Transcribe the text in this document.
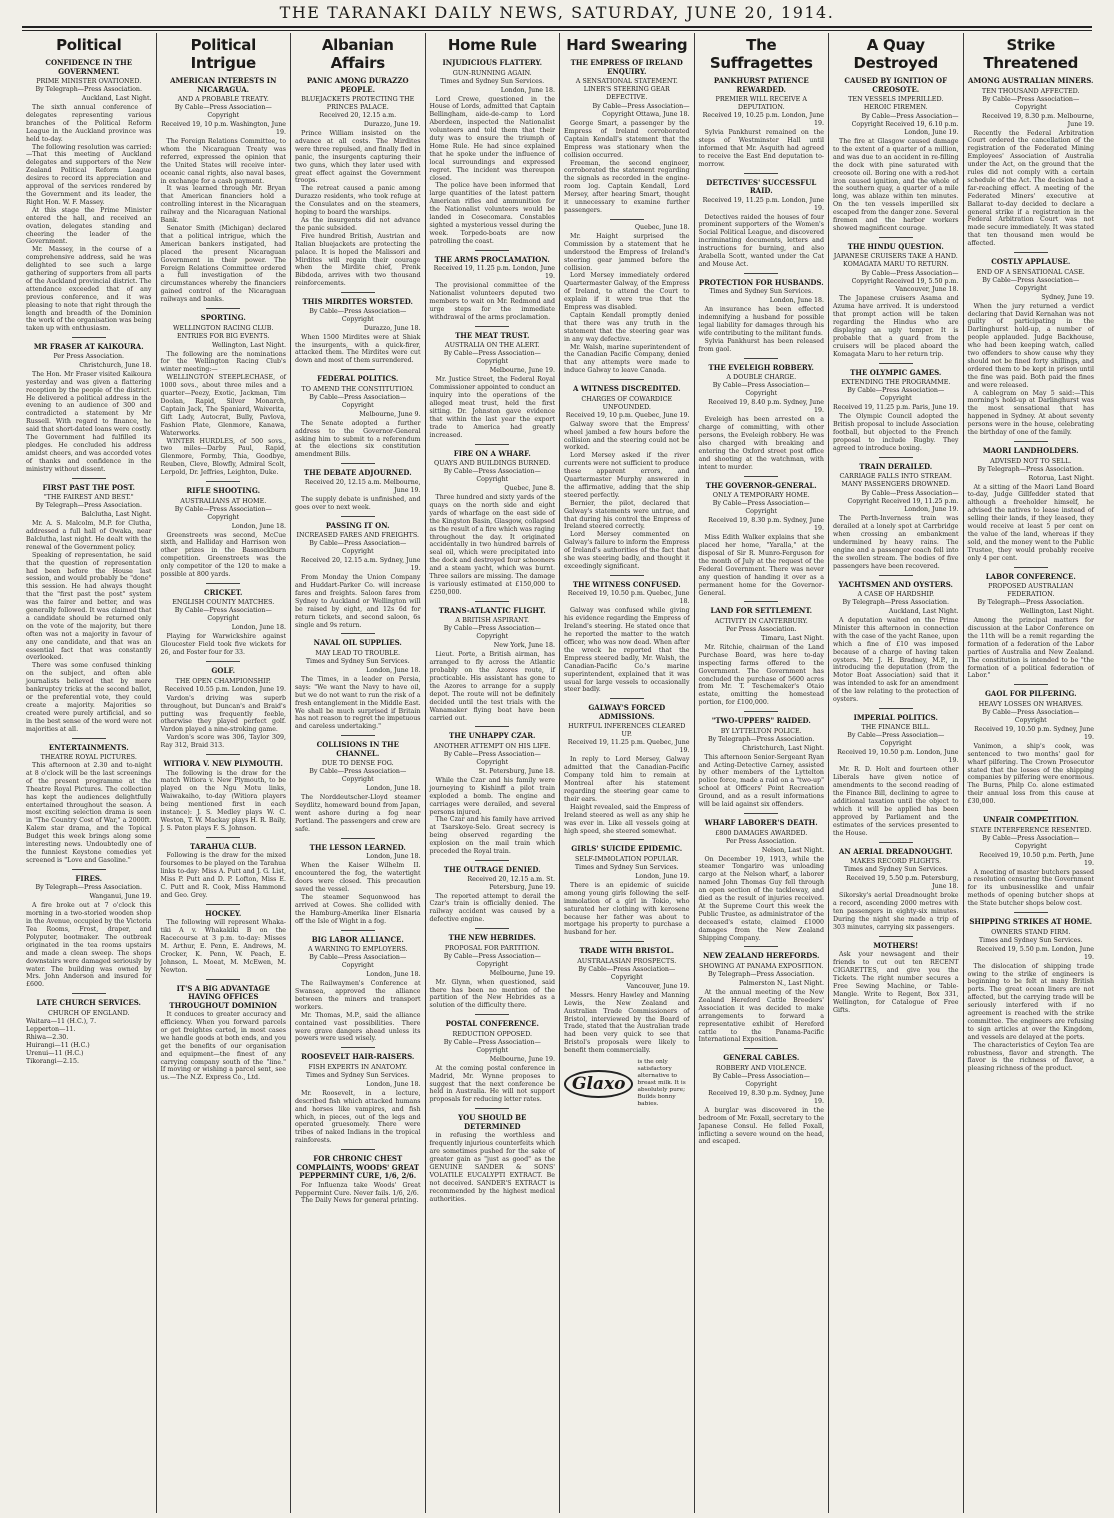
THE TARANAKI DAILY NEWS, SATURDAY, JUNE 20, 1914.
Political
CONFIDENCE IN THE GOVERNMENT.
PRIME MINISTER OVATIONED.
By Telegraph—Press Association.
Auckland, Last Night.

The sixth annual conference of delegates representing various branches of the Political Reform League in the Auckland province was held to-day.

The following resolution was carried:—That this meeting of Auckland delegates and supporters of the New Zealand Political Reform League desires to record its appreciation and approval of the services rendered by the Government and its leader, the Right Hon. W. F. Massey.

At this stage the Prime Minister entered the hall, and received an ovation, delegates standing and cheering the leader of the Government.

Mr. Massey, in the course of a comprehensive address, said he was delighted to see such a large gathering of supporters from all parts of the Auckland provincial district. The attendance exceeded that of any previous conference, and it was pleasing to note that right through the length and breadth of the Dominion the work of the organisation was being taken up with enthusiasm.

MR FRASER AT KAIKOURA.
Per Press Association.
Christchurch, June 18.

The Hon. Mr Fraser visited Kaikoura yesterday and was given a flattering reception by the people of the district. He delivered a political address in the evening to an audience of 300 and contradicted a statement by Mr Russell. With regard to finance, he said that short-dated loans were costly. The Government had fulfilled its pledges. He concluded his address amidst cheers, and was accorded votes of thanks and confidence in the ministry without dissent.

FIRST PAST THE POST.
"THE FAIREST AND BEST."
By Telegraph—Press Association.
Balclutha, Last Night.

Mr. A. S. Malcolm, M.P. for Clutha, addressed a full hall of Owaka, near Balclutha, last night. He dealt with the renewal of the Government policy.

Speaking of representation, he said that the question of representation had been before the House last session, and would probably be "done" this session. He had always thought that the "first past the post" system was the fairer and better, and was generally followed. It was claimed that a candidate should be returned only on the vote of the majority, but there often was not a majority in favour of any one candidate, and that was an essential fact that was constantly overlooked.

There was some confused thinking on the subject, and often able journalists believed that by mere bankruptcy tricks at the second ballot, or the preferential vote, they could create a majority. Majorities so created were purely artificial, and so in the best sense of the word were not majorities at all.

ENTERTAINMENTS.
THEATRE ROYAL PICTURES.

This afternoon at 2.30 and to-night at 8 o'clock will be the last screenings of the present programme at the Theatre Royal Pictures. The collection has kept the audiences delightfully entertained throughout the season. A most exciting selection drama is seen in "The Country Cost of War," a 2000ft. Kalem star drama, and the Topical Budget this week brings along some interesting news. Undoubtedly one of the funniest Keystone comedies yet screened is "Love and Gasoline."

FIRES.
By Telegraph—Press Association.
Wanganui, June 19.

A fire broke out at 7 o'clock this morning in a two-storied wooden shop in the Avenue, occupied by the Victoria Tea Rooms, Frost, draper, and Polyputer, bootmaker. The outbreak originated in the tea rooms upstairs and made a clean sweep. The shops downstairs were damaged seriously by water. The building was owned by Mrs. John Anderson and insured for £600.

LATE CHURCH SERVICES.
CHURCH OF ENGLAND.
Waitara—11 (H.C.), 7.
Lepperton—11.
Rhiwa—2.30.
Huirangi—11 (H.C.)
Urenui—11 (H.C.)
Tikorangi—2.15.
Political Intrigue
AMERICAN INTERESTS IN NICARAGUA.
AND A PROBABLE TREATY.
By Cable—Press Association—Copyright
Received 19, 10 p.m. Washington, June 19.

The Foreign Relations Committee, to whom the Nicaraguan Treaty was referred, expressed the opinion that the United States will receive inter-oceanic canal rights, also naval bases, in exchange for a cash payment.

It was learned through Mr. Bryan that American financiers hold a controlling interest in the Nicaraguan railway and the Nicaraguan National Bank.

Senator Smith (Michigan) declared that a political intrigue, which the American bankers instigated, had placed the present Nicaraguan Government in their power. The Foreign Relations Committee ordered a full investigation of the circumstances whereby the financiers gained control of the Nicaraguan railways and banks.

SPORTING.
WELLINGTON RACING CLUB.
ENTRIES FOR BIG EVENTS.
Wellington, Last Night.

The following are the nominations for the Wellington Racing Club's winter meeting:—

WELLINGTON STEEPLECHASE, of 1000 sovs., about three miles and a quarter—Peezy, Exotic, Jackman, Tim Doolan, Rapid, Silver Monarch, Captain Jack, The Spaniard, Waiverita, Gift Lady, Autocrat, Bully, Pavlova, Fashion Plate, Glenmore, Kanawa, Waterworks.

WINTER HURDLES, of 500 sovs., two miles—Darby Paul, Rapid, Glenmore, Formby, Thia, Goodbye, Reuben, Cleve, Blowfly, Admiral Scolt, Lerpold, Dr. Jeffries, Leighton, Duke.

RIFLE SHOOTING.
AUSTRALIANS AT HOME.
By Cable—Press Association—Copyright
London, June 18.

Greenstreets was second, McCue sixth, and Halliday and Harrison won other prizes in the Basmockburn competition. Greenstreets was the only competitor of the 120 to make a possible at 800 yards.

CRICKET.
ENGLISH COUNTY MATCHES.
By Cable—Press Association—Copyright
London, June 18.

Playing for Warwickshire against Gloucester Field took five wickets for 26, and Foster four for 33.

GOLF.
THE OPEN CHAMPIONSHIP.
Received 10.55 p.m. London, June 19.

Vardon's driving was superb throughout, but Duncan's and Braid's putting was frequently feeble, otherwise they played perfect golf. Vardon played a nine-stroking game.

Vardon's score was 306, Taylor 309, Ray 312, Braid 313.

WITIORA V. NEW PLYMOUTH.

The following is the draw for the match Witiora v. New Plymouth, to be played on the Ngu Motu links, Waiwakaiho, to-day (Witiora players being mentioned first in each instance): J. S. Medley plays W. C. Weston, T. W. Mackay plays H. R. Baily, J. S. Paton plays F. S. Johnson.

TARAHUA CLUB.

Following is the draw for the mixed foursomes to be played on the Tarahua links to-day: Miss A. Putt and J. G. List, Miss P. Putt and D. P. Lofton, Miss E. C. Putt and R. Cook, Miss Hammond and Geo. Grey.

HOCKEY.

The following will represent Whaka-tiki A v. Whakakiki B on the Racecourse at 3 p.m. to-day: Misses M. Arthur, E. Penn, E. Andrews, M. Crocker, K. Penn, W. Peach, E. Johnson, L. Moeat, M. McEwen, M. Newton.

IT'S A BIG ADVANTAGE HAVING OFFICES THROUGHOUT DOMINION

It conduces to greater accuracy and efficiency. When you forward parcels or get freightes carted, in most cases we handle goods at both ends, and you get the benefits of our organisation and equipment—the finest of any carrying company south of the "line." If moving or wishing a parcel sent, see us.—The N.Z. Express Co., Ltd.

Albanian Affairs
PANIC AMONG DURAZZO PEOPLE.
BLUEJACKETS PROTECTING THE PRINCES PALACE.
Received 20, 12.15 a.m.
Durazzo, June 19.

Prince William insisted on the advance at all costs. The Mirdites were three repulsed, and finally fled in panic, the insurgents capturing their two guns, which they later used with great effect against the Government troops.

The retreat caused a panic among Durazzo residents, who took refuge at the Consulates and on the steamers, hoping to board the warships.

As the insurgents did not advance the panic subsided.

Five hundred British, Austrian and Italian bluejackets are protecting the palace. It is hoped the Malissori and Mirdites will regain their courage when the Mirdite chief, Prenk Bibdoda, arrives with two thousand reinforcements.

THIS MIRDITES WORSTED.
By Cable—Press Association—Copyright
Durazzo, June 18.

When 1500 Mirdites were at Shiak the insurgents, with a quick-firer, attacked them. The Mirdites were cut down and most of them surrendered.

FEDERAL POLITICS.
TO AMEND THE CONSTITUTION.
By Cable—Press Association—Copyright
Melbourne, June 9.

The Senate adopted a further address to the Governor-General asking him to submit to a referendum at the elections six constitution amendment Bills.

THE DEBATE ADJOURNED.
Received 20, 12.15 a.m. Melbourne, June 19.

The supply debate is unfinished, and goes over to next week.

PASSING IT ON.
INCREASED FARES AND FREIGHTS.
By Cable—Press Association—Copyright
Received 20, 12.15 a.m. Sydney, June 19.

From Monday the Union Company and Huddart-Parker Co. will increase fares and freights. Saloon fares from Sydney to Auckland or Wellington will be raised by eight, and 12s 6d for return tickets, and second saloon, 6s single and 9s return.

NAVAL OIL SUPPLIES.
MAY LEAD TO TROUBLE.
Times and Sydney Sun Services.
London, June 18.

The Times, in a leader on Persia, says: "We want the Navy to have oil, but we do not want to run the risk of a fresh entanglement in the Middle East. We shall be much surprised if Britain has not reason to regret the impetuous and careless undertaking."

COLLISIONS IN THE CHANNEL.
DUE TO DENSE FOG.
By Cable—Press Association—Copyright
London, June 18.

The Norddeutscher-Lloyd steamer Seydlitz, homeward bound from Japan, went ashore during a fog near Portland. The passengers and crew are safe.

THE LESSON LEARNED.
London, June 18.

When the Kaiser Wilhelm II. encountered the fog, the watertight doors were closed. This precaution saved the vessel.

The steamer Sequonwood has arrived at Cowes. She collided with the Hamburg-Amerika liner Elsnaria off the Isle of Wight in a fog.

BIG LABOR ALLIANCE.
A WARNING TO EMPLOYERS.
By Cable—Press Association—Copyright
London, June 18.

The Railwaymen's Conference at Swansea, approved the alliance between the miners and transport workers.

Mr. Thomas, M.P., said the alliance contained vast possibilities. There were grave dangers ahead unless its powers were used wisely.

ROOSEVELT HAIR-RAISERS.
FISH EXPERTS IN ANATOMY.
Times and Sydney Sun Services.
London, June 18.

Mr. Roosevelt, in a lecture, described fish which attacked humans and horses like vampires, and fish which, in pieces, out of the legs and operated gruesomely. There were tribes of naked Indians in the tropical rainforests.

FOR CHRONIC CHEST COMPLAINTS, WOODS' GREAT PEPPERMINT CURE, 1/6, 2/6.

For Influenza take Woods' Great Peppermint Cure. Never fails. 1/6, 2/6.

The Daily News for general printing.

Home Rule
INJUDICIOUS FLATTERY.
GUN-RUNNING AGAIN.
Times and Sydney Sun Services.
London, June 18.

Lord Crewe, questioned in the House of Lords, admitted that Captain Bellingham, aide-de-camp to Lord Aberdeen, inspected the Nationalist volunteers and told them that their duty was to ensure the triumph of Home Rule. He had since explained that he spoke under the influence of local surroundings and expressed regret. The incident was thereupon closed.

The police have been informed that large quantities of the latest pattern American rifles and ammunition for the Nationalist volunteers would be landed in Cosecomara. Constables sighted a mysterious vessel during the week. Torpedo-boats are now patrolling the coast.

THE ARMS PROCLAMATION.
Received 19, 11.25 p.m. London, June 19.

The provisional committee of the Nationalist volunteers deputed two members to wait on Mr. Redmond and urge steps for the immediate withdrawal of the arms proclamation.

THE MEAT TRUST.
AUSTRALIA ON THE ALERT.
By Cable—Press Association—Copyright
Melbourne, June 19.

Mr. Justice Street, the Federal Royal Commissioner appointed to conduct an inquiry into the operations of the alleged meat trust, held the first sitting. Dr. Johnston gave evidence that within the last year the export trade to America had greatly increased.

FIRE ON A WHARF.
QUAYS AND BUILDINGS BURNED.
By Cable—Press Association—Copyright
Quebec, June 8.

Three hundred and sixty yards of the quays on the north side and eight yards of wharfage on the east side of the Kingston Basin, Glasgow, collapsed as the result of a fire which was raging throughout the day. It originated accidentally in two hundred barrels of seal oil, which were precipitated into the dock and destroyed four schooners and a steam yacht, which was burnt. Three sailors are missing. The damage is variously estimated at £150,000 to £250,000.

TRANS-ATLANTIC FLIGHT.
A BRITISH ASPIRANT.
By Cable—Press Association—Copyright
New York, June 18.

Lieut. Porte, a British airman, has arranged to fly across the Atlantic probably on the Azores route, if practicable. His assistant has gone to the Azores to arrange for a supply depot. The route will not be definitely decided until the test trials with the Wanamaker flying boat have been carried out.

THE UNHAPPY CZAR.
ANOTHER ATTEMPT ON HIS LIFE.
By Cable—Press Association—Copyright
St. Petersburg, June 18.

While the Czar and his family were journeying to Kishinff a pilot train exploded a bomb. The engine and carriages were derailed, and several persons injured.

The Czar and his family have arrived at Tsarskoye-Selo. Great secrecy is being observed regarding the explosion on the mail train which preceded the Royal train.

THE OUTRAGE DENIED.
Received 20, 12.15 a.m. St. Petersburg, June 19.

The reported attempt to derail the Czar's train is officially denied. The railway accident was caused by a defective engine.

THE NEW HEBRIDES.
PROPOSAL FOR PARTITION.
By Cable—Press Association—Copyright
Melbourne, June 19.

Mr. Glynn, when questioned, said there has been no mention of the partition of the New Hebrides as a solution of the difficulty there.

POSTAL CONFERENCE.
REDUCTION OPPOSED.
By Cable—Press Association—Copyright
Melbourne, June 19.

At the coming postal conference in Madrid, Mr. Wynne proposes to suggest that the next conference be held in Australia. He will not support proposals for reducing letter rates.

YOU SHOULD BE DETERMINED

in refusing the worthless and frequently injurious counterfeits which are sometimes pushed for the sake of greater gain as "just as good" as the GENUINE SANDER & SONS' VOLATILE EUCALYPTI EXTRACT. Be not deceived. SANDER'S EXTRACT is recommended by the highest medical authorities.

Hard Swearing
THE EMPRESS OF IRELAND ENQUIRY.
A SENSATIONAL STATEMENT.
LINER'S STEERING GEAR DEFECTIVE.
By Cable—Press Association—Copyright Ottawa, June 18.

George Smart, a passenger by the Empress of Ireland corroborated Captain Kendall's statement that the Empress was stationary when the collision occurred.

Freeman, the second engineer, corroborated the statement regarding the signals as recorded in the engine-room log. Captain Kendall, Lord Mersey, after hearing Smart, thought it unnecessary to examine further passengers.

Quebec, June 18.

Mr. Haight surprised the Commission by a statement that he understood the Empress of Ireland's steering gear jammed before the collision.

Lord Mersey immediately ordered Quartermaster Galway, of the Empress of Ireland, to attend the Court to explain if it were true that the Empress was disabled.

Captain Kendall promptly denied that there was any truth in the statement that the steering gear was in any way defective.

Mr. Walsh, marine superintendent of the Canadian Pacific Company, denied that any attempts were made to induce Galway to leave Canada.

A WITNESS DISCREDITED.
CHARGES OF COWARDICE UNFOUNDED.
Received 19, 10 p.m. Quebec, June 19.

Galway swore that the Empress' wheel jambed a few hours before the collision and the steering could not be worked.

Lord Mersey asked if the river currents were not sufficient to produce these apparent errors, and Quartermaster Murphy answered in the affirmative, adding that the ship steered perfectly.

Bernier, the pilot, declared that Galway's statements were untrue, and that during his control the Empress of Ireland steered correctly.

Lord Mersey commented on Galway's failure to inform the Empress of Ireland's authorities of the fact that she was steering badly, and thought it exceedingly significant.

THE WITNESS CONFUSED.
Received 19, 10.50 p.m. Quebec, June 18.

Galway was confused while giving his evidence regarding the Empress of Ireland's steering. He stated once that he reported the matter to the watch officer, who was now dead. When after the wreck he reported that the Empress steered badly, Mr. Walsh, the Canadian-Pacific Co.'s marine superintendent, explained that it was usual for large vessels to occasionally steer badly.

GALWAY'S FORCED ADMISSIONS.
HURTFUL INFERENCES CLEARED UP.
Received 19, 11.25 p.m. Quebec, June 19.

In reply to Lord Mersey, Galway admitted that the Canadian-Pacific Company told him to remain at Montreal after his statement regarding the steering gear came to their ears.

Haight revealed, said the Empress of Ireland steered as well as any ship he was ever in. Like all vessels going at high speed, she steered somewhat.

GIRLS' SUICIDE EPIDEMIC.
SELF-IMMOLATION POPULAR.
Times and Sydney Sun Services.
London, June 19.

There is an epidemic of suicide among young girls following the self-immolation of a girl in Tokio, who saturated her clothing with kerosene because her father was about to mortgage his property to purchase a husband for her.

TRADE WITH BRISTOL.
AUSTRALASIAN PROSPECTS.
By Cable—Press Association—Copyright
Vancouver, June 19.

Messrs. Henry Hawley and Manning Lewis, the New Zealand and Australian Trade Commissioners of Bristol, interviewed by the Board of Trade, stated that the Australian trade had been very quick to see that Bristol's proposals were likely to benefit them commercially.

Glaxo
is the only satisfactory alternative to breast milk. It is absolutely pure; Builds bonny babies.
The Suffragettes
PANKHURST PATIENCE REWARDED.
PREMIER WILL RECEIVE A DEPUTATION.
Received 19, 10.25 p.m. London, June 19.

Sylvia Pankhurst remained on the steps of Westminster Hall until informed that Mr. Asquith had agreed to receive the East End deputation to-morrow.

DETECTIVES' SUCCESSFUL RAID.
Received 19, 11.25 p.m. London, June 19.

Detectives raided the houses of four prominent supporters of the Women's Social Political League, and discovered incriminating documents, letters and instructions for burning, and also Arabella Scott, wanted under the Cat and Mouse Act.

PROTECTION FOR HUSBANDS.
Times and Sydney Sun Services.
London, June 18.

An insurance has been effected indemnifying a husband for possible legal liability for damages through his wife contributing to the militant funds.

Sylvia Pankhurst has been released from gaol.

THE EVELEIGH ROBBERY.
A DOUBLE CHARGE.
By Cable—Press Association—Copyright
Received 19, 8.40 p.m. Sydney, June 19.

Eveleigh has been arrested on a charge of committing, with other persons, the Eveleigh robbery. He was also charged with breaking and entering the Oxford street post office and shooting at the watchman, with intent to murder.

THE GOVERNOR-GENERAL.
ONLY A TEMPORARY HOME.
By Cable—Press Association—Copyright
Received 19, 8.30 p.m. Sydney, June 19.

Miss Edith Walker explains that she placed her home, "Yaralla," at the disposal of Sir R. Munro-Ferguson for the month of July at the request of the Federal Government. There was never any question of handing it over as a permanent home for the Governor-General.

LAND FOR SETTLEMENT.
ACTIVITY IN CANTERBURY.
Per Press Association.
Timaru, Last Night.

Mr. Ritchie, chairman of the Land Purchase Board, was here to-day inspecting farms offered to the Government. The Government has concluded the purchase of 5600 acres from Mr. T. Teschemaker's Otaio estate, omitting the homestead portion, for £100,000.

"TWO-UPPERS" RAIDED.
BY LYTTELTON POLICE.
By Telegraph—Press Association.
Christchurch, Last Night.

This afternoon Senior-Sergeant Ryan and Acting-Detective Carney, assisted by other members of the Lyttelton police force, made a raid on a "two-up" school at Officers' Point Recreation Ground, and as a result informations will be laid against six offenders.

WHARF LABORER'S DEATH.
£800 DAMAGES AWARDED.
Per Press Association.
Nelson, Last Night.

On December 19, 1913, while the steamer Tongariro was unloading cargo at the Nelson wharf, a laborer named John Thomas Guy fell through an open section of the tackleway, and died as the result of injuries received. At the Supreme Court this week the Public Trustee, as administrator of the deceased's estate, claimed £1000 damages from the New Zealand Shipping Company.

NEW ZEALAND HEREFORDS.
SHOWING AT PANAMA EXPOSITION.
By Telegraph—Press Association.
Palmerston N., Last Night.

At the annual meeting of the New Zealand Hereford Cattle Breeders' Association it was decided to make arrangements to forward a representative exhibit of Hereford cattle to the Panama-Pacific International Exposition.

GENERAL CABLES.
ROBBERY AND VIOLENCE.
By Cable—Press Association—Copyright
Received 19, 8.30 p.m. Sydney, June 19.

A burglar was discovered in the bedroom of Mr. Foxall, secretary to the Japanese Consul. He felled Foxall, inflicting a severe wound on the head, and escaped.

A Quay Destroyed
CAUSED BY IGNITION OF CREOSOTE.
TEN VESSELS IMPERILLED.
HEROIC FIREMEN.
By Cable—Press Association—Copyright Received 19, 6.10 p.m. London, June 19.

The fire at Glasgow caused damage to the extent of a quarter of a million, and was due to an accident in re-filling the dock with pine saturated with creosote oil. Boring one with a red-hot iron caused ignition, and the whole of the southern quay, a quarter of a mile long, was ablaze within ten minutes. On the ten vessels imperilled six escaped from the danger zone. Several firemen and the harbor workers showed magnificent courage.

THE HINDU QUESTION.
JAPANESE CRUISERS TAKE A HAND.
KOMAGATA MARU TO RETURN.
By Cable—Press Association—Copyright Received 19, 5.50 p.m. Vancouver, June 18.

The Japanese cruisers Asama and Azuma have arrived. It is understood that prompt action will be taken regarding the Hindus who are displaying an ugly temper. It is probable that a guard from the cruisers will be placed aboard the Komagata Maru to her return trip.

THE OLYMPIC GAMES.
EXTENDING THE PROGRAMME.
By Cable—Press Association—Copyright
Received 19, 11.25 p.m. Paris, June 19.

The Olympic Council adopted the British proposal to include Association football, but objected to the French proposal to include Rugby. They agreed to introduce boxing.

TRAIN DERAILED.
CARRIAGE FALLS INTO STREAM.
MANY PASSENGERS DROWNED.
By Cable—Press Association—Copyright Received 19, 11.25 p.m. London, June 19.

The Perth-Inverness train was derailed at a lonely spot at Carrbridge when crossing an embankment undermined by heavy rains. The engine and a passenger coach fell into the swollen stream. The bodies of five passengers have been recovered.

YACHTSMEN AND OYSTERS.
A CASE OF HARDSHIP.
By Telegraph—Press Association.
Auckland, Last Night.

A deputation waited on the Prime Minister this afternoon in connection with the case of the yacht Ranee, upon which a fine of £10 was imposed because of a charge of having taken oysters. Mr. J. H. Bradney, M.P., in introducing the deputation (from the Motor Boat Association) said that it was intended to ask for an amendment of the law relating to the protection of oysters.

IMPERIAL POLITICS.
THE FINANCE BILL.
By Cable—Press Association—Copyright
Received 19, 10.50 p.m. London, June 19.

Mr. R. D. Holt and fourteen other Liberals have given notice of amendments to the second reading of the Finance Bill, declining to agree to additional taxation until the object to which it will be applied has been approved by Parliament and the estimates of the services presented to the House.

AN AERIAL DREADNOUGHT.
MAKES RECORD FLIGHTS.
Times and Sydney Sun Services.
Received 19, 5.50 p.m. Petersburg, June 18.

Sikorsky's aerial Dreadnought broke a record, ascending 2000 metres with ten passengers in eighty-six minutes. During the night she made a trip of 303 minutes, carrying six passengers.

MOTHERS!

Ask your newsagent and their friends to cut out ten RECENT CIGARETTES, and give you the Tickets. The right number secures a Free Sewing Machine, or Table-Mangle. Write to Regent, Box 331, Wellington, for Catalogue of Free Gifts.

Strike Threatened
AMONG AUSTRALIAN MINERS.
TEN THOUSAND AFFECTED.
By Cable—Press Association—Copyright
Received 19, 8.30 p.m. Melbourne, June 19.

Recently the Federal Arbitration Court ordered the cancellation of the registration of the Federated Mining Employees' Association of Australia under the Act, on the ground that the rules did not comply with a certain schedule of the Act. The decision had a far-reaching effect. A meeting of the Federated Miners' executive at Ballarat to-day decided to declare a general strike if a registration in the Federal Arbitration Court was not made secure immediately. It was stated that ten thousand men would be affected.

COSTLY APPLAUSE.
END OF A SENSATIONAL CASE.
By Cable—Press Association—Copyright
Sydney, June 19.

When the jury returned a verdict declaring that David Kernahan was not guilty of participating in the Darlinghurst hold-up, a number of people applauded. Judge Backhouse, who had been keeping watch, called two offenders to show cause why they should not be fined forty shillings, and ordered them to be kept in prison until the fine was paid. Both paid the fines and were released.

A cablegram on May 5 said:—This morning's hold-up at Darlinghurst was the most sensational that has happened in Sydney. At about seventy persons were in the house, celebrating the birthday of one of the family.

MAORI LANDHOLDERS.
ADVISED NOT TO SELL.
By Telegraph—Press Association.
Rotorua, Last Night.

At a sitting of the Maori Land Board to-day, Judge Gillfedder stated that although a freeholder himself, he advised the natives to lease instead of selling their lands, if they leased, they would receive at least 5 per cent on the value of the land, whereas if they sold, and the money went to the Public Trustee, they would probably receive only 4 per cent.

LABOR CONFERENCE.
PROPOSED AUSTRALIAN FEDERATION.
By Telegraph—Press Association.
Wellington, Last Night.

Among the principal matters for discussion at the Labor Conference on the 11th will be a remit regarding the formation of a federation of the Labor parties of Australia and New Zealand. The constitution is intended to be "the formation of a political federation of Labor."

GAOL FOR PILFERING.
HEAVY LOSSES ON WHARVES.
By Cable—Press Association—Copyright
Received 19, 10.50 p.m. Sydney, June 19.

Vanimon, a ship's cook, was sentenced to two months' gaol for wharf pilfering. The Crown Prosecutor stated that the losses of the shipping companies by pilfering were enormous. The Burns, Philp Co. alone estimated their annual loss from this cause at £30,000.

UNFAIR COMPETITION.
STATE INTERFERENCE RESENTED.
By Cable—Press Association—Copyright
Received 19, 10.50 p.m. Perth, June 19.

A meeting of master butchers passed a resolution censuring the Government for its unbusinesslike and unfair methods of opening butcher shops at the State butcher shops below cost.

SHIPPING STRIKES AT HOME.
OWNERS STAND FIRM.
Times and Sydney Sun Services.
Received 19, 5.50 p.m. London, June 19.

The dislocation of shipping trade owing to the strike of engineers is beginning to be felt at many British ports. The great ocean liners are not affected, but the carrying trade will be seriously interfered with if no agreement is reached with the strike committee. The engineers are refusing to sign articles at over the Kingdom, and vessels are delayed at the ports.

The characteristics of Ceylon Tea are robustness, flavor and strength. The flavor is the richness of flavor, a pleasing richness of the product.
